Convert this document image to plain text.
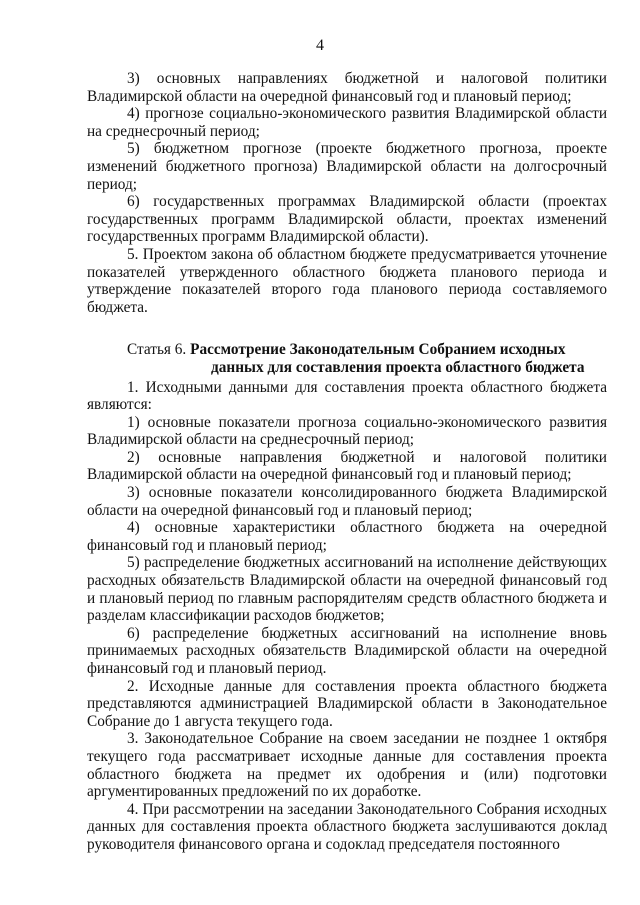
4

3) основных направлениях бюджетной и налоговой политики Владимирской области на очередной финансовый год и плановый период;

4) прогнозе социально-экономического развития Владимирской области на среднесрочный период;

5) бюджетном прогнозе (проекте бюджетного прогноза, проекте изменений бюджетного прогноза) Владимирской области на долгосрочный период;

6) государственных программах Владимирской области (проектах государственных программ Владимирской области, проектах изменений государственных программ Владимирской области).

5. Проектом закона об областном бюджете предусматривается уточнение показателей утвержденного областного бюджета планового периода и утверждение показателей второго года планового периода составляемого бюджета.

Статья 6. Рассмотрение Законодательным Собранием исходных
данных для составления проекта областного бюджета

1. Исходными данными для составления проекта областного бюджета являются:

1) основные показатели прогноза социально-экономического развития Владимирской области на среднесрочный период;

2) основные направления бюджетной и налоговой политики Владимирской области на очередной финансовый год и плановый период;

3) основные показатели консолидированного бюджета Владимирской области на очередной финансовый год и плановый период;

4) основные характеристики областного бюджета на очередной финансовый год и плановый период;

5) распределение бюджетных ассигнований на исполнение действующих расходных обязательств Владимирской области на очередной финансовый год и плановый период по главным распорядителям средств областного бюджета и разделам классификации расходов бюджетов;

6) распределение бюджетных ассигнований на исполнение вновь принимаемых расходных обязательств Владимирской области на очередной финансовый год и плановый период.

2. Исходные данные для составления проекта областного бюджета представляются администрацией Владимирской области в Законодательное Собрание до 1 августа текущего года.

3. Законодательное Собрание на своем заседании не позднее 1 октября текущего года рассматривает исходные данные для составления проекта областного бюджета на предмет их одобрения и (или) подготовки аргументированных предложений по их доработке.

4. При рассмотрении на заседании Законодательного Собрания исходных данных для составления проекта областного бюджета заслушиваются доклад руководителя финансового органа и содоклад председателя постоянного
